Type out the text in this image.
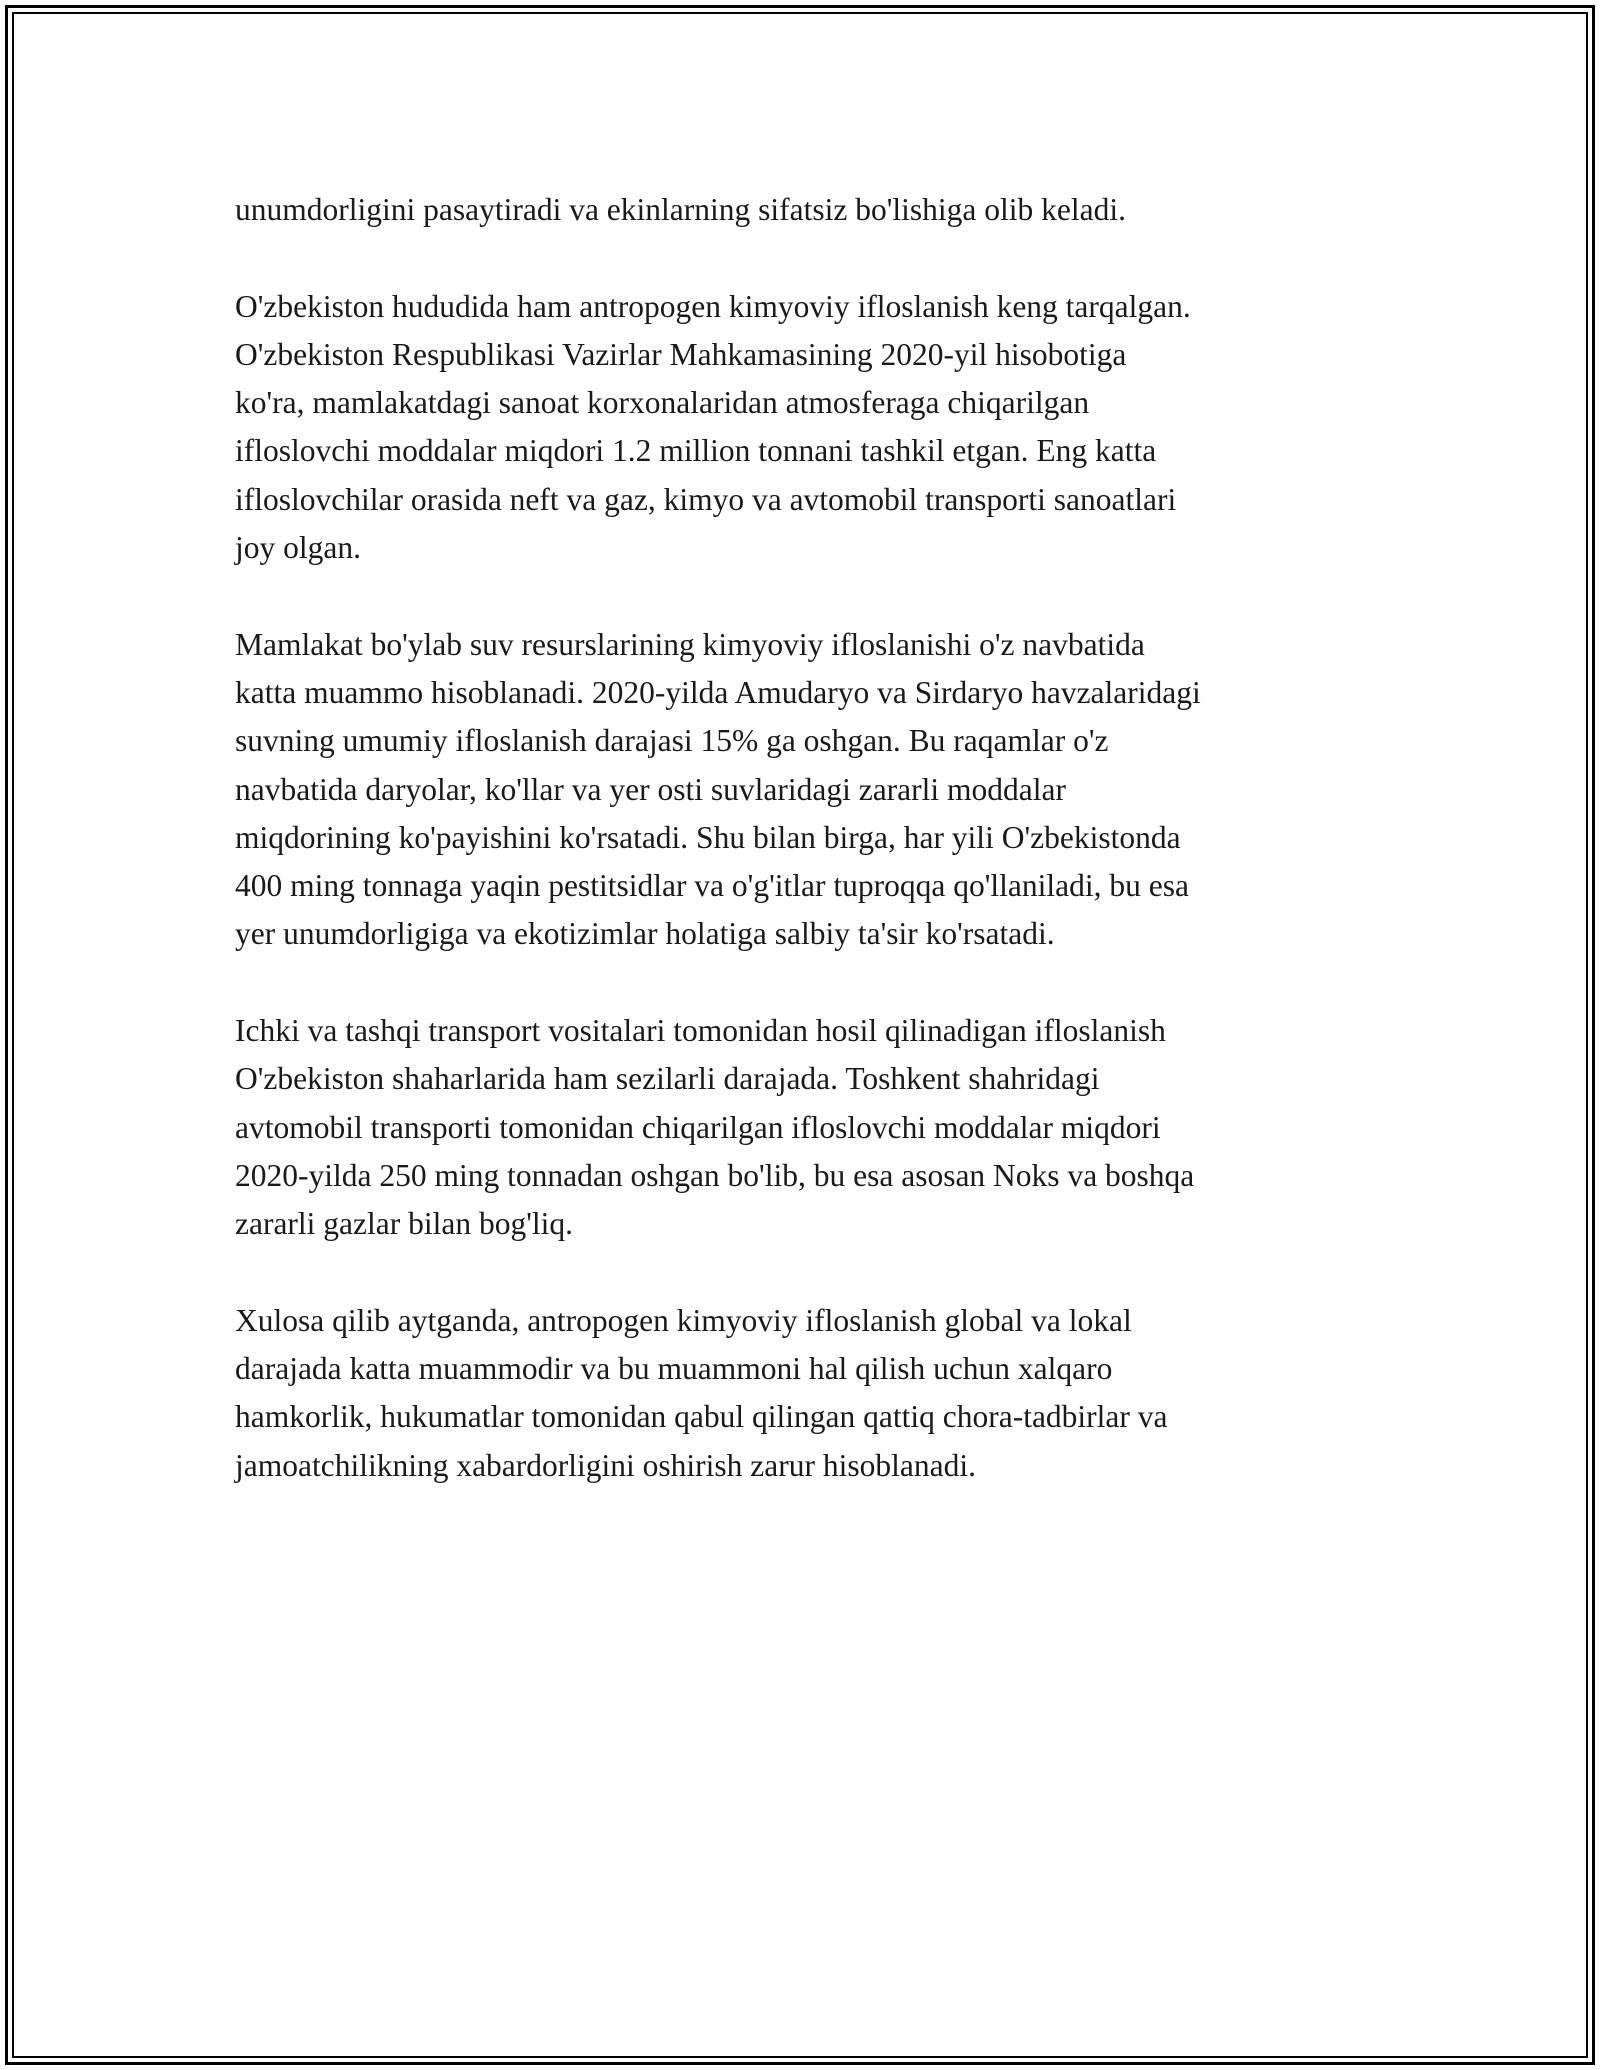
unumdorligini pasaytiradi va ekinlarning sifatsiz bo'lishiga olib keladi.

O'zbekiston hududida ham antropogen kimyoviy ifloslanish keng tarqalgan.
O'zbekiston Respublikasi Vazirlar Mahkamasining 2020-yil hisobotiga
ko'ra, mamlakatdagi sanoat korxonalaridan atmosferaga chiqarilgan
ifloslovchi moddalar miqdori 1.2 million tonnani tashkil etgan. Eng katta
ifloslovchilar orasida neft va gaz, kimyo va avtomobil transporti sanoatlari
joy olgan.

Mamlakat bo'ylab suv resurslarining kimyoviy ifloslanishi o'z navbatida
katta muammo hisoblanadi. 2020-yilda Amudaryo va Sirdaryo havzalaridagi
suvning umumiy ifloslanish darajasi 15% ga oshgan. Bu raqamlar o'z
navbatida daryolar, ko'llar va yer osti suvlaridagi zararli moddalar
miqdorining ko'payishini ko'rsatadi. Shu bilan birga, har yili O'zbekistonda
400 ming tonnaga yaqin pestitsidlar va o'g'itlar tuproqqa qo'llaniladi, bu esa
yer unumdorligiga va ekotizimlar holatiga salbiy ta'sir ko'rsatadi.

Ichki va tashqi transport vositalari tomonidan hosil qilinadigan ifloslanish
O'zbekiston shaharlarida ham sezilarli darajada. Toshkent shahridagi
avtomobil transporti tomonidan chiqarilgan ifloslovchi moddalar miqdori
2020-yilda 250 ming tonnadan oshgan bo'lib, bu esa asosan Noks va boshqa
zararli gazlar bilan bog'liq.

Xulosa qilib aytganda, antropogen kimyoviy ifloslanish global va lokal
darajada katta muammodir va bu muammoni hal qilish uchun xalqaro
hamkorlik, hukumatlar tomonidan qabul qilingan qattiq chora-tadbirlar va
jamoatchilikning xabardorligini oshirish zarur hisoblanadi.
